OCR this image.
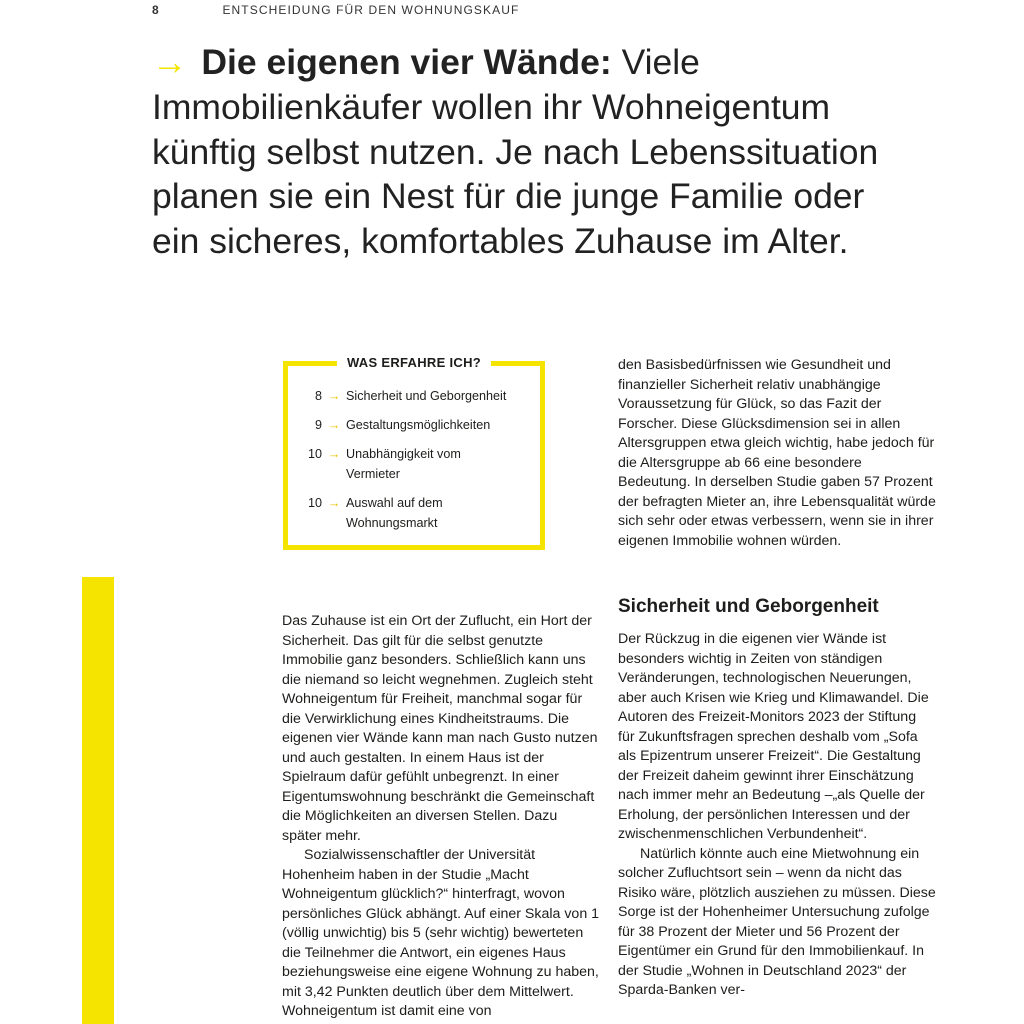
8	ENTSCHEIDUNG FÜR DEN WOHNUNGSKAUF

→ Die eigenen vier Wände: Viele Immobilienkäufer wollen ihr Wohneigentum künftig selbst nutzen. Je nach Lebenssituation planen sie ein Nest für die junge Familie oder ein sicheres, komfortables Zuhause im Alter.

WAS ERFAHRE ICH?
8 → Sicherheit und Geborgenheit
9 → Gestaltungsmöglichkeiten
10 → Unabhängigkeit vom Vermieter
10 → Auswahl auf dem Wohnungsmarkt

Das Zuhause ist ein Ort der Zuflucht, ein Hort der Sicherheit. Das gilt für die selbst genutzte Immobilie ganz besonders. Schließlich kann uns die niemand so leicht wegnehmen. Zugleich steht Wohneigentum für Freiheit, manchmal sogar für die Verwirklichung eines Kindheitstraums. Die eigenen vier Wände kann man nach Gusto nutzen und auch gestalten. In einem Haus ist der Spielraum dafür gefühlt unbegrenzt. In einer Eigentumswohnung beschränkt die Gemeinschaft die Möglichkeiten an diversen Stellen. Dazu später mehr.

Sozialwissenschaftler der Universität Hohenheim haben in der Studie „Macht Wohneigentum glücklich?“ hinterfragt, wovon persönliches Glück abhängt. Auf einer Skala von 1 (völlig unwichtig) bis 5 (sehr wichtig) bewerteten die Teilnehmer die Antwort, ein eigenes Haus beziehungsweise eine eigene Wohnung zu haben, mit 3,42 Punkten deutlich über dem Mittelwert. Wohneigentum ist damit eine von

den Basisbedürfnissen wie Gesundheit und finanzieller Sicherheit relativ unabhängige Voraussetzung für Glück, so das Fazit der Forscher. Diese Glücksdimension sei in allen Altersgruppen etwa gleich wichtig, habe jedoch für die Altersgruppe ab 66 eine besondere Bedeutung. In derselben Studie gaben 57 Prozent der befragten Mieter an, ihre Lebensqualität würde sich sehr oder etwas verbessern, wenn sie in ihrer eigenen Immobilie wohnen würden.

Sicherheit und Geborgenheit

Der Rückzug in die eigenen vier Wände ist besonders wichtig in Zeiten von ständigen Veränderungen, technologischen Neuerungen, aber auch Krisen wie Krieg und Klimawandel. Die Autoren des Freizeit-Monitors 2023 der Stiftung für Zukunftsfragen sprechen deshalb vom „Sofa als Epizentrum unserer Freizeit“. Die Gestaltung der Freizeit daheim gewinnt ihrer Einschätzung nach immer mehr an Bedeutung –„als Quelle der Erholung, der persönlichen Interessen und der zwischenmenschlichen Verbundenheit“.

Natürlich könnte auch eine Mietwohnung ein solcher Zufluchtsort sein – wenn da nicht das Risiko wäre, plötzlich ausziehen zu müssen. Diese Sorge ist der Hohenheimer Untersuchung zufolge für 38 Prozent der Mieter und 56 Prozent der Eigentümer ein Grund für den Immobilienkauf. In der Studie „Wohnen in Deutschland 2023“ der Sparda-Banken ver-
